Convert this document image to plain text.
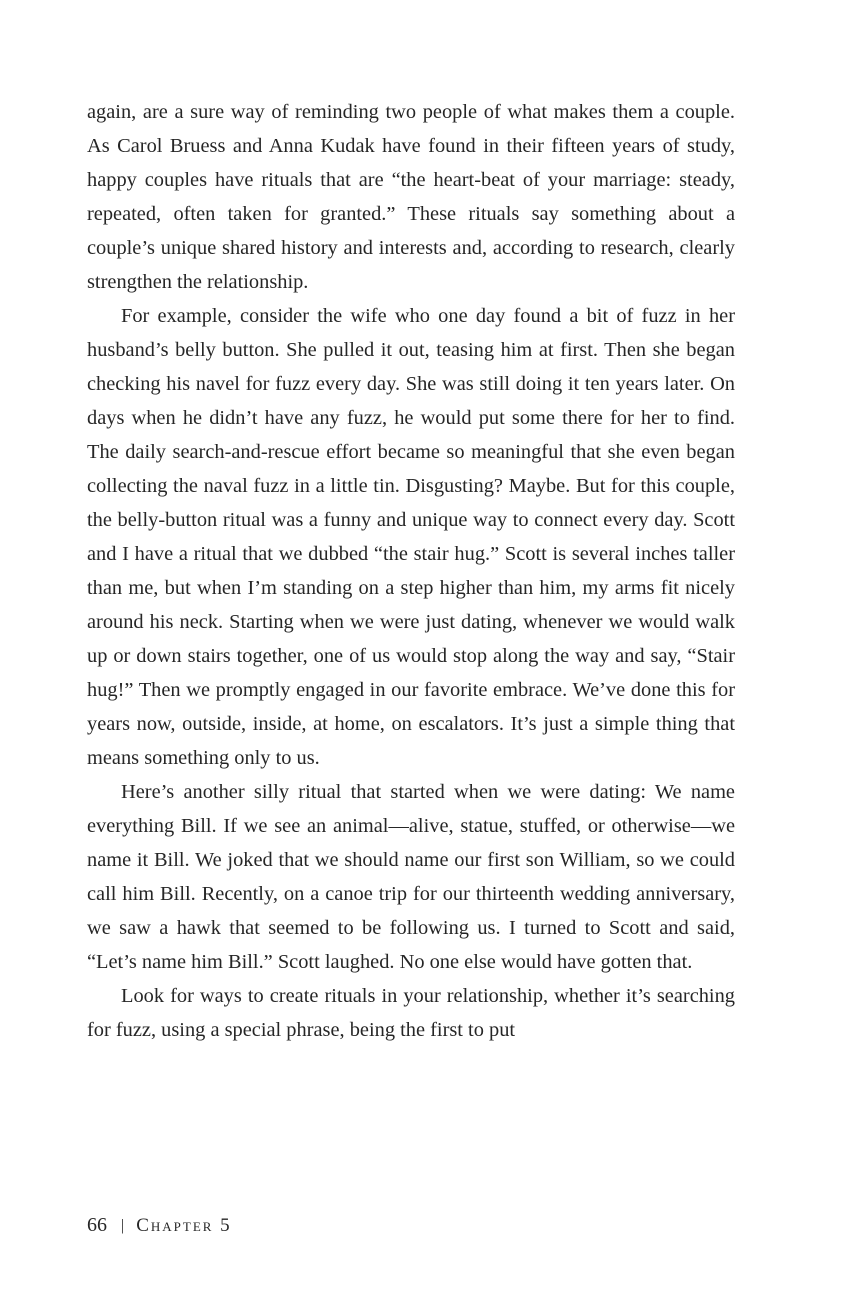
again, are a sure way of reminding two people of what makes them a couple. As Carol Bruess and Anna Kudak have found in their fifteen years of study, happy couples have rituals that are “the heart-beat of your marriage: steady, repeated, often taken for granted.” These rituals say something about a couple’s unique shared history and interests and, according to research, clearly strengthen the relationship.

For example, consider the wife who one day found a bit of fuzz in her husband’s belly button. She pulled it out, teasing him at first. Then she began checking his navel for fuzz every day. She was still doing it ten years later. On days when he didn’t have any fuzz, he would put some there for her to find. The daily search-and-rescue effort became so meaningful that she even began collecting the naval fuzz in a little tin. Disgusting? Maybe. But for this couple, the belly-button ritual was a funny and unique way to connect every day. Scott and I have a ritual that we dubbed “the stair hug.” Scott is several inches taller than me, but when I’m standing on a step higher than him, my arms fit nicely around his neck. Starting when we were just dating, whenever we would walk up or down stairs together, one of us would stop along the way and say, “Stair hug!” Then we promptly engaged in our favorite embrace. We’ve done this for years now, outside, inside, at home, on escalators. It’s just a simple thing that means something only to us.

Here’s another silly ritual that started when we were dating: We name everything Bill. If we see an animal—alive, statue, stuffed, or otherwise—we name it Bill. We joked that we should name our first son William, so we could call him Bill. Recently, on a canoe trip for our thirteenth wedding anniversary, we saw a hawk that seemed to be following us. I turned to Scott and said, “Let’s name him Bill.” Scott laughed. No one else would have gotten that.

Look for ways to create rituals in your relationship, whether it’s searching for fuzz, using a special phrase, being the first to put

66 | Chapter 5
